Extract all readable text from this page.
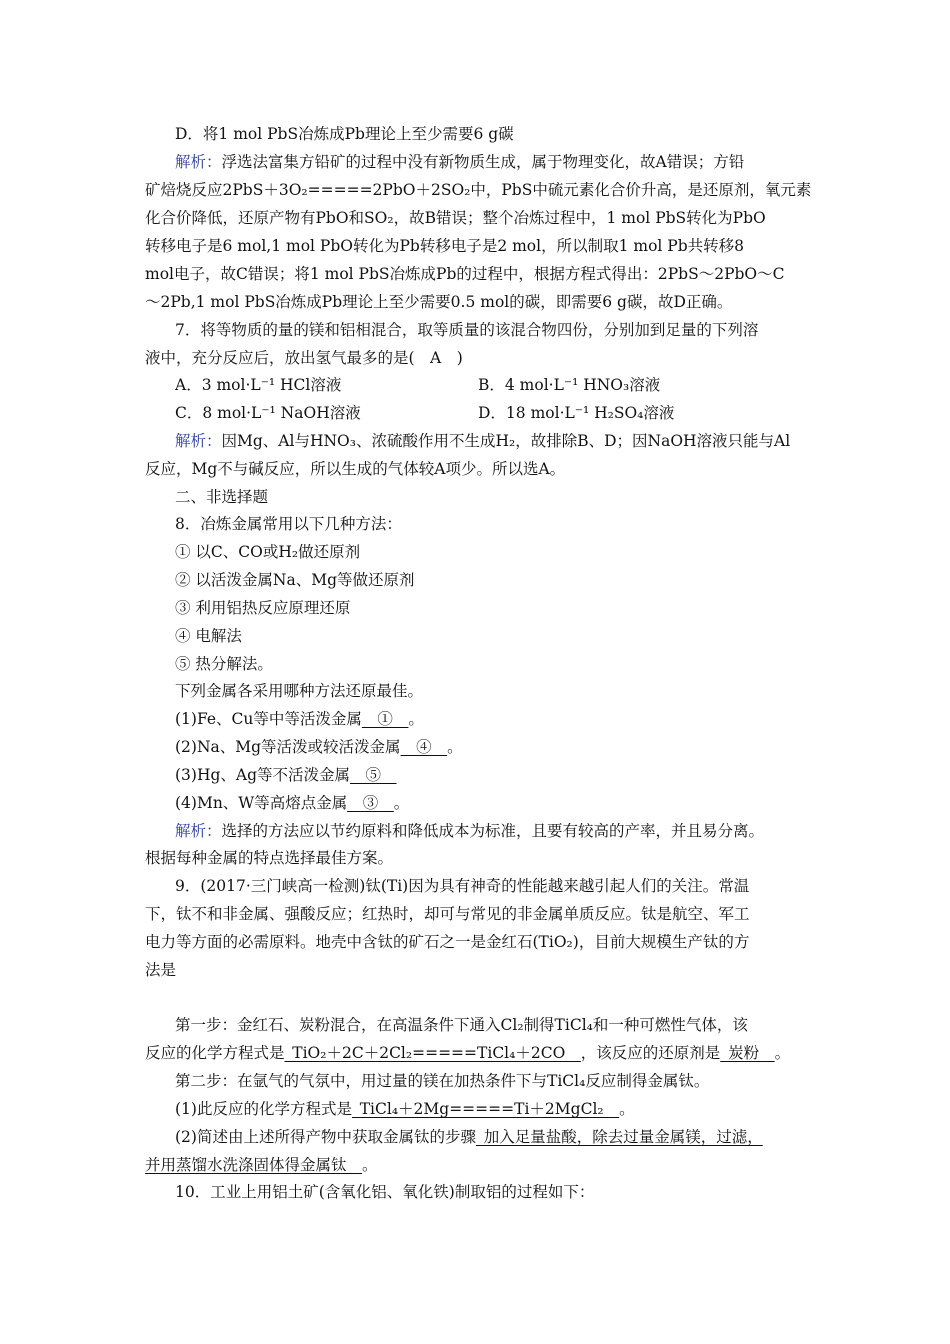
D．将1 mol PbS冶炼成Pb理论上至少需要6 g碳
解析：浮选法富集方铅矿的过程中没有新物质生成，属于物理变化，故A错误；方铅
矿焙烧反应2PbS＋3O₂=====2PbO＋2SO₂中，PbS中硫元素化合价升高，是还原剂，氧元素
化合价降低，还原产物有PbO和SO₂，故B错误；整个冶炼过程中，1 mol PbS转化为PbO
转移电子是6 mol,1 mol PbO转化为Pb转移电子是2 mol，所以制取1 mol Pb共转移8
mol电子，故C错误；将1 mol PbS冶炼成Pb的过程中，根据方程式得出：2PbS～2PbO～C
～2Pb,1 mol PbS冶炼成Pb理论上至少需要0.5 mol的碳，即需要6 g碳，故D正确。
7．将等物质的量的镁和铝相混合，取等质量的该混合物四份，分别加到足量的下列溶
液中，充分反应后，放出氢气最多的是(　A　)
A．3 mol·L⁻¹ HCl溶液	B．4 mol·L⁻¹ HNO₃溶液
C．8 mol·L⁻¹ NaOH溶液	D．18 mol·L⁻¹ H₂SO₄溶液
解析：因Mg、Al与HNO₃、浓硫酸作用不生成H₂，故排除B、D；因NaOH溶液只能与Al
反应，Mg不与碱反应，所以生成的气体较A项少。所以选A。
二、非选择题
8．冶炼金属常用以下几种方法：
① 以C、CO或H₂做还原剂
② 以活泼金属Na、Mg等做还原剂
③ 利用铝热反应原理还原
④ 电解法
⑤ 热分解法。
下列金属各采用哪种方法还原最佳。
(1)Fe、Cu等中等活泼金属__①__。
(2)Na、Mg等活泼或较活泼金属__④__。
(3)Hg、Ag等不活泼金属__⑤__
(4)Mn、W等高熔点金属__③__。
解析：选择的方法应以节约原料和降低成本为标准，且要有较高的产率，并且易分离。
根据每种金属的特点选择最佳方案。
9．(2017·三门峡高一检测)钛(Ti)因为具有神奇的性能越来越引起人们的关注。常温
下，钛不和非金属、强酸反应；红热时，却可与常见的非金属单质反应。钛是航空、军工
电力等方面的必需原料。地壳中含钛的矿石之一是金红石(TiO₂)，目前大规模生产钛的方
法是
第一步：金红石、炭粉混合，在高温条件下通入Cl₂制得TiCl₄和一种可燃性气体，该
反应的化学方程式是_TiO₂＋2C＋2Cl₂=====TiCl₄＋2CO__，该反应的还原剂是_炭粉__。
第二步：在氩气的气氛中，用过量的镁在加热条件下与TiCl₄反应制得金属钛。
(1)此反应的化学方程式是_TiCl₄＋2Mg=====Ti＋2MgCl₂__。
(2)简述由上述所得产物中获取金属钛的步骤_加入足量盐酸，除去过量金属镁，过滤，
并用蒸馏水洗涤固体得金属钛__。
10．工业上用铝土矿(含氧化铝、氧化铁)制取铝的过程如下：
